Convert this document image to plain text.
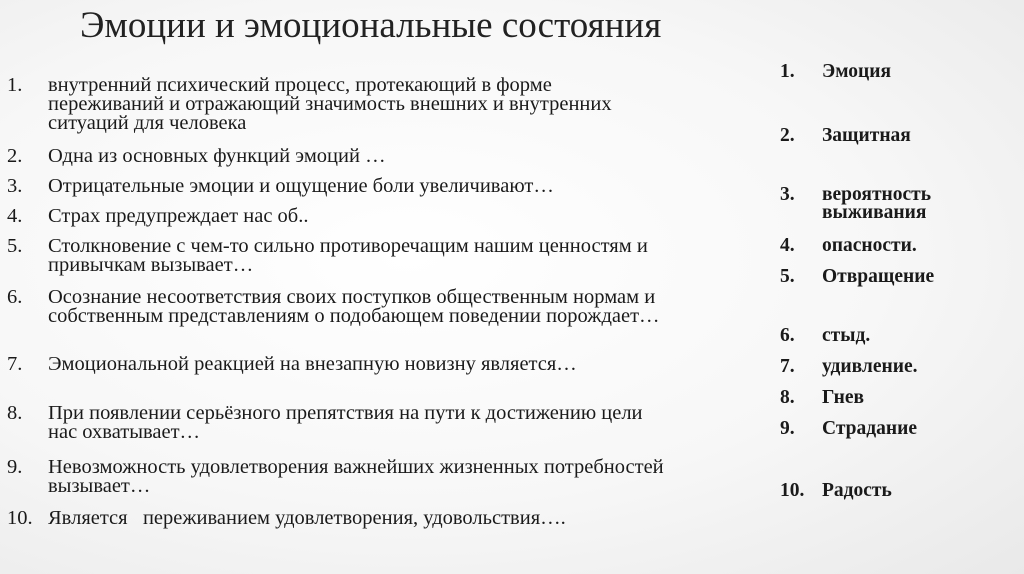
Эмоции и эмоциональные состояния
1. внутренний психический процесс, протекающий в форме переживаний и отражающий значимость внешних и внутренних ситуаций для человека
2. Одна из основных функций эмоций …
3. Отрицательные эмоции и ощущение боли увеличивают…
4. Страх предупреждает нас об..
5. Столкновение с чем-то сильно противоречащим нашим ценностям и привычкам вызывает…
6. Осознание несоответствия своих поступков общественным нормам и собственным представлениям о подобающем поведении порождает…
7. Эмоциональной реакцией на внезапную новизну является…
8. При появлении серьёзного препятствия на пути к достижению цели нас охватывает…
9. Невозможность удовлетворения важнейших жизненных потребностей вызывает…
10. Является   переживанием удовлетворения, удовольствия….
1. Эмоция
2. Защитная
3. вероятность выживания
4. опасности.
5. Отвращение
6. стыд.
7. удивление.
8. Гнев
9. Страдание
10. Радость
